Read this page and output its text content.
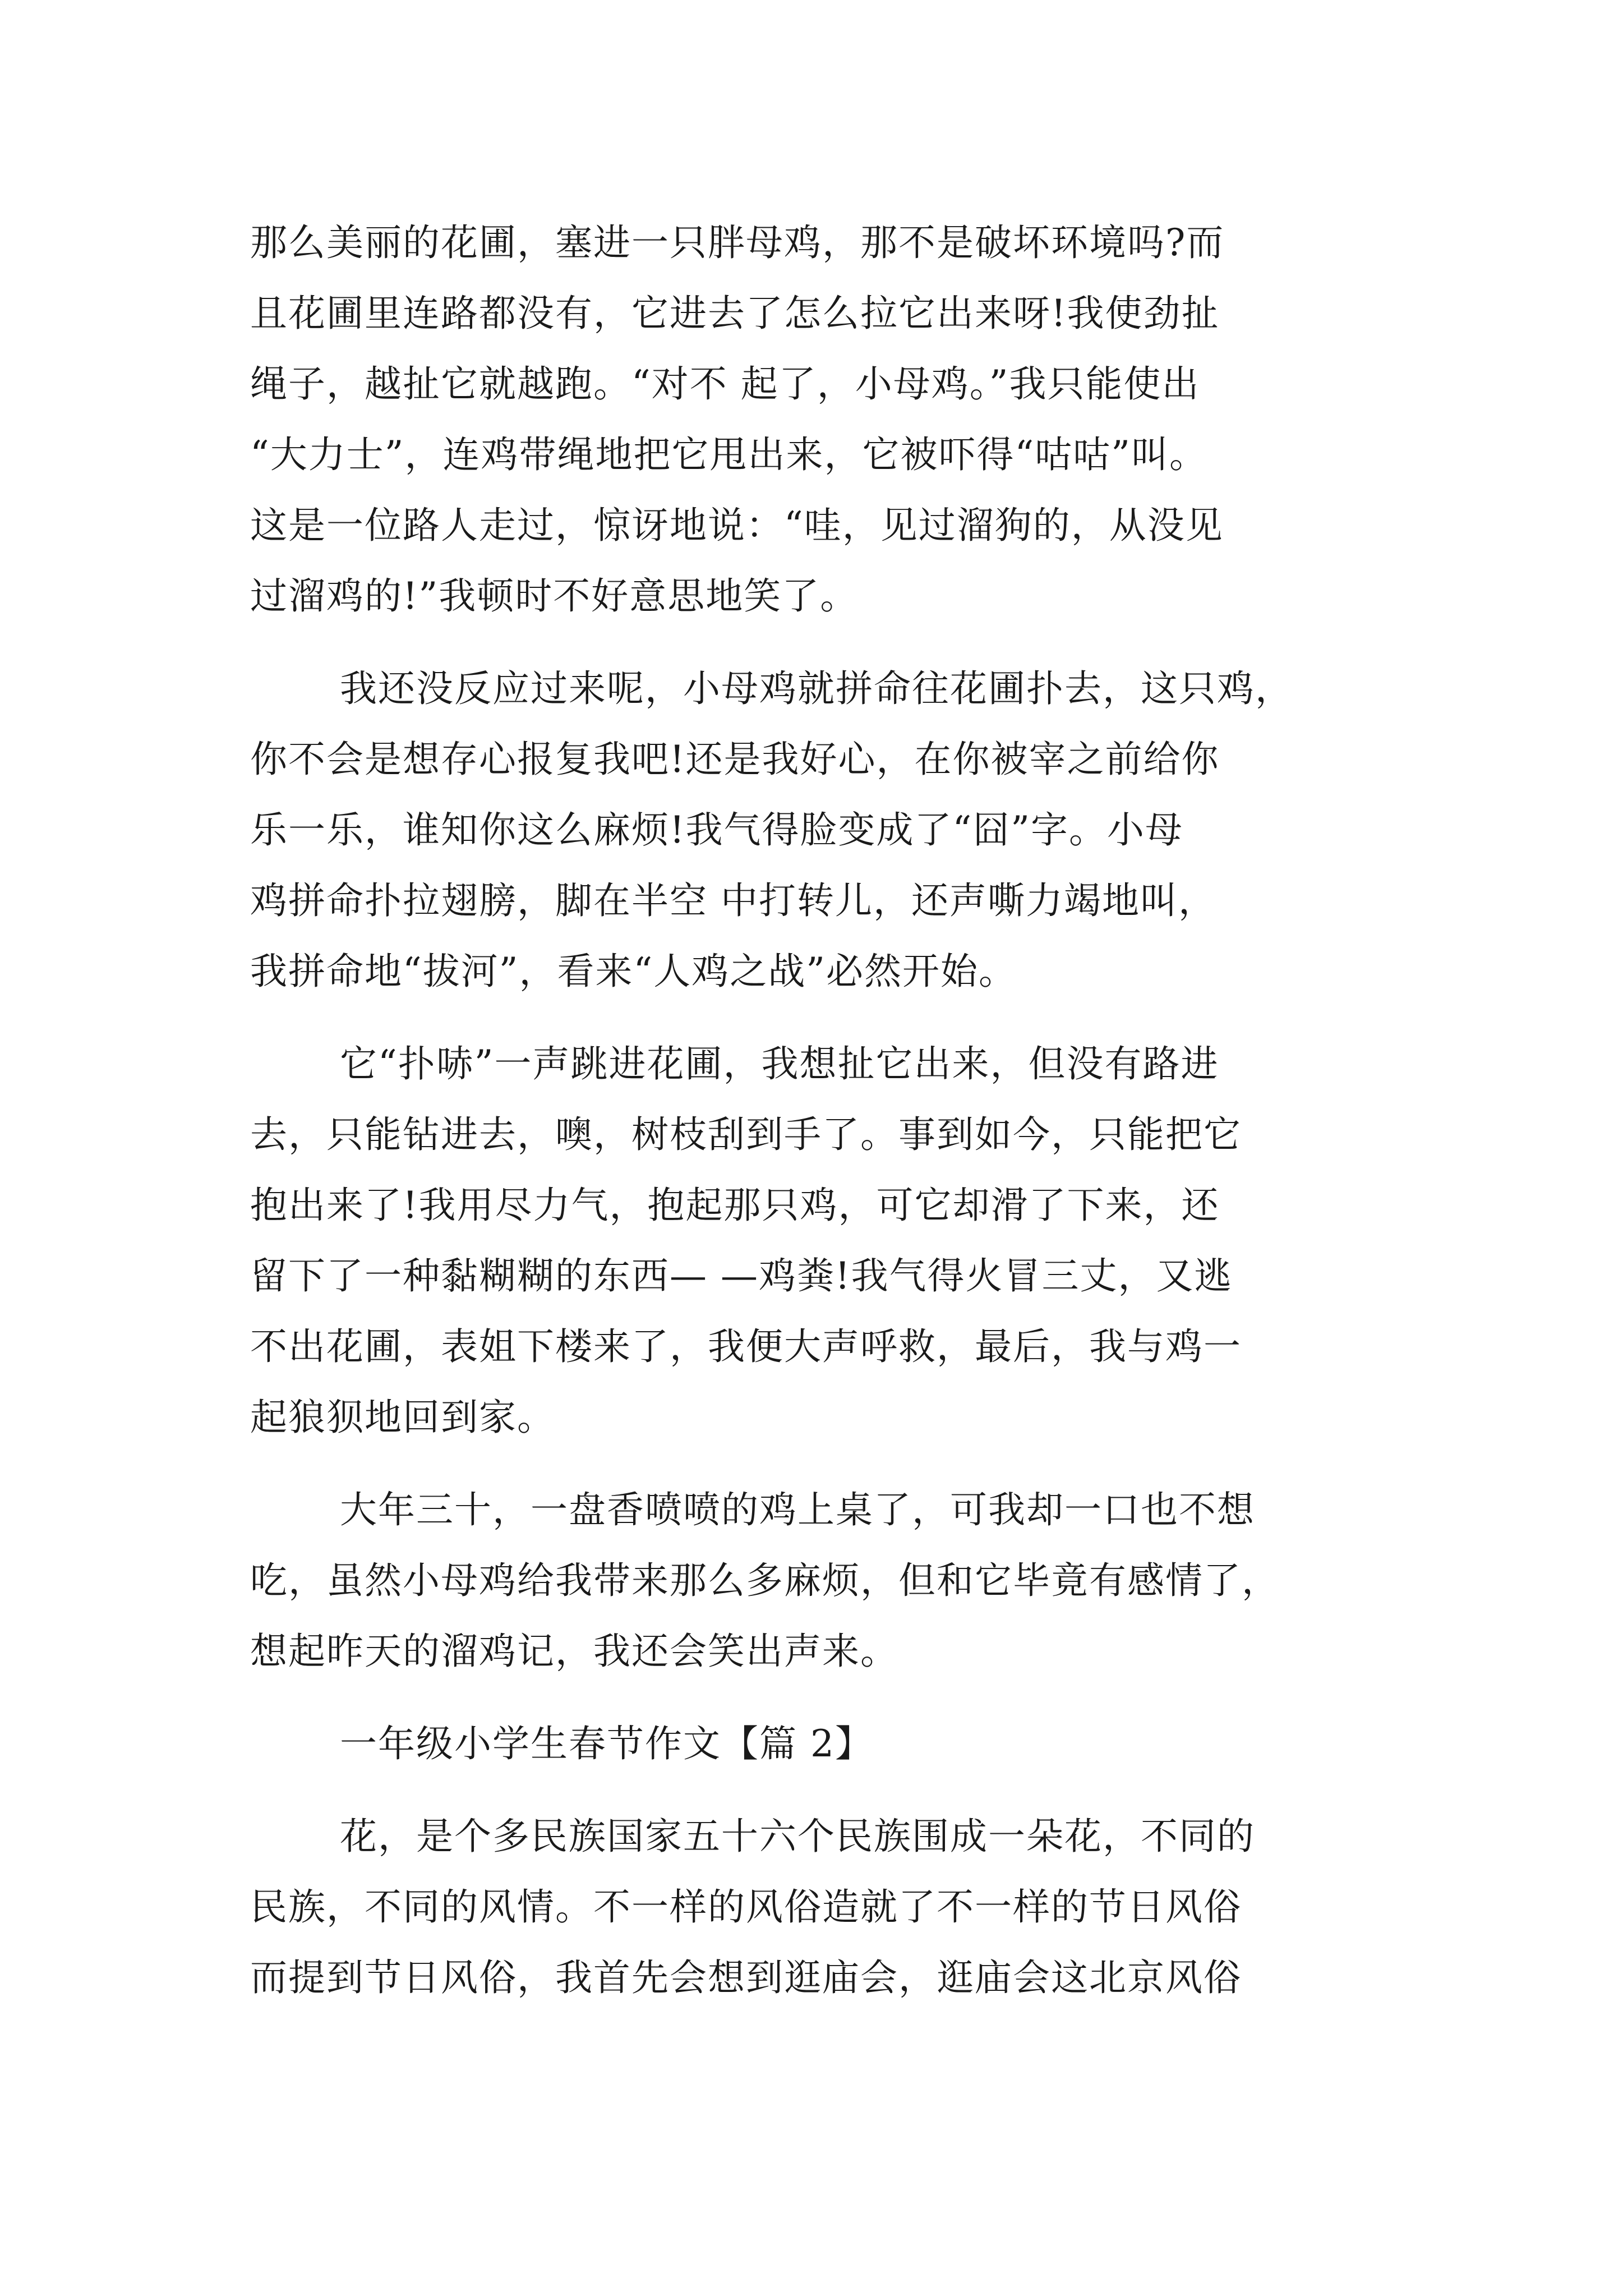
那么美丽的花圃，塞进一只胖母鸡，那不是破坏环境吗?而
且花圃里连路都没有，它进去了怎么拉它出来呀!我使劲扯
绳子，越扯它就越跑。“对不 起了，小母鸡。”我只能使出
“大力士”，连鸡带绳地把它甩出来，它被吓得“咕咕”叫。
这是一位路人走过，惊讶地说：“哇，见过溜狗的，从没见
过溜鸡的!”我顿时不好意思地笑了。
我还没反应过来呢，小母鸡就拼命往花圃扑去，这只鸡，
你不会是想存心报复我吧!还是我好心，在你被宰之前给你
乐一乐，谁知你这么麻烦!我气得脸变成了“囧”字。小母
鸡拼命扑拉翅膀，脚在半空 中打转儿，还声嘶力竭地叫，
我拼命地“拔河”，看来“人鸡之战”必然开始。
它“扑哧”一声跳进花圃，我想扯它出来，但没有路进
去，只能钻进去，噢，树枝刮到手了。事到如今，只能把它
抱出来了!我用尽力气，抱起那只鸡，可它却滑了下来，还
留下了一种黏糊糊的东西— —鸡粪!我气得火冒三丈，又逃
不出花圃，表姐下楼来了，我便大声呼救，最后，我与鸡一
起狼狈地回到家。
大年三十，一盘香喷喷的鸡上桌了，可我却一口也不想
吃，虽然小母鸡给我带来那么多麻烦，但和它毕竟有感情了，
想起昨天的溜鸡记，我还会笑出声来。
一年级小学生春节作文【篇 2】
花，是个多民族国家五十六个民族围成一朵花，不同的
民族，不同的风情。不一样的风俗造就了不一样的节日风俗
而提到节日风俗，我首先会想到逛庙会，逛庙会这北京风俗
